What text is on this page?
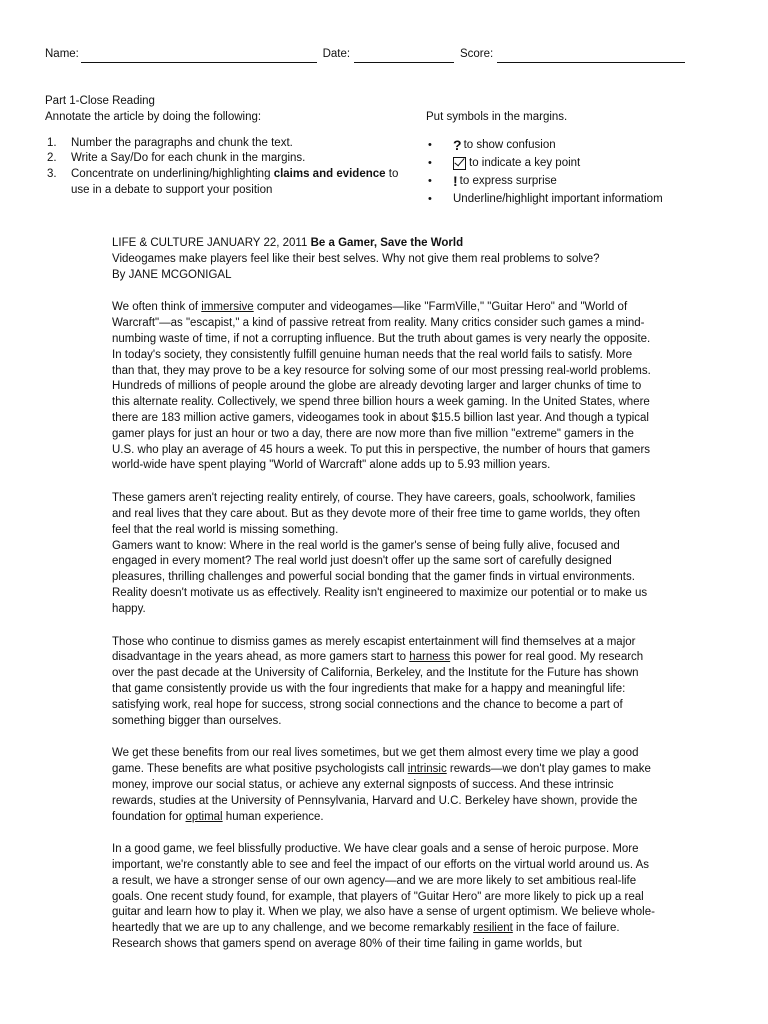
Name:	Date:	Score:
Part 1-Close Reading
Annotate the article by doing the following:
1.	Number the paragraphs and chunk the text.
2.	Write a Say/Do for each chunk in the margins.
3.	Concentrate on underlining/highlighting claims and evidence to use in a debate to support your position
Put symbols in the margins.
•	? to show confusion
•	to indicate a key point
•	! to express surprise
•	Underline/highlight important informatiom
LIFE & CULTURE JANUARY 22, 2011 Be a Gamer, Save the World
Videogames make players feel like their best selves. Why not give them real problems to solve?

By JANE MCGONIGAL

We often think of immersive computer and videogames—like "FarmVille," "Guitar Hero" and "World of Warcraft"—as "escapist," a kind of passive retreat from reality. Many critics consider such games a mind-numbing waste of time, if not a corrupting influence. But the truth about games is very nearly the opposite. In today's society, they consistently fulfill genuine human needs that the real world fails to satisfy. More than that, they may prove to be a key resource for solving some of our most pressing real-world problems. Hundreds of millions of people around the globe are already devoting larger and larger chunks of time to this alternate reality. Collectively, we spend three billion hours a week gaming. In the United States, where there are 183 million active gamers, videogames took in about $15.5 billion last year. And though a typical gamer plays for just an hour or two a day, there are now more than five million "extreme" gamers in the U.S. who play an average of 45 hours a week. To put this in perspective, the number of hours that gamers world-wide have spent playing "World of Warcraft" alone adds up to 5.93 million years.

These gamers aren't rejecting reality entirely, of course. They have careers, goals, schoolwork, families and real lives that they care about. But as they devote more of their free time to game worlds, they often feel that the real world is missing something.

Gamers want to know: Where in the real world is the gamer's sense of being fully alive, focused and engaged in every moment? The real world just doesn't offer up the same sort of carefully designed pleasures, thrilling challenges and powerful social bonding that the gamer finds in virtual environments. Reality doesn't motivate us as effectively. Reality isn't engineered to maximize our potential or to make us happy.

Those who continue to dismiss games as merely escapist entertainment will find themselves at a major disadvantage in the years ahead, as more gamers start to harness this power for real good. My research over the past decade at the University of California, Berkeley, and the Institute for the Future has shown that game consistently provide us with the four ingredients that make for a happy and meaningful life: satisfying work, real hope for success, strong social connections and the chance to become a part of something bigger than ourselves.

We get these benefits from our real lives sometimes, but we get them almost every time we play a good game. These benefits are what positive psychologists call intrinsic rewards—we don't play games to make money, improve our social status, or achieve any external signposts of success. And these intrinsic rewards, studies at the University of Pennsylvania, Harvard and U.C. Berkeley have shown, provide the foundation for optimal human experience.

In a good game, we feel blissfully productive. We have clear goals and a sense of heroic purpose. More important, we're constantly able to see and feel the impact of our efforts on the virtual world around us. As a result, we have a stronger sense of our own agency—and we are more likely to set ambitious real-life goals. One recent study found, for example, that players of "Guitar Hero" are more likely to pick up a real guitar and learn how to play it. When we play, we also have a sense of urgent optimism. We believe whole-heartedly that we are up to any challenge, and we become remarkably resilient in the face of failure. Research shows that gamers spend on average 80% of their time failing in game worlds, but
